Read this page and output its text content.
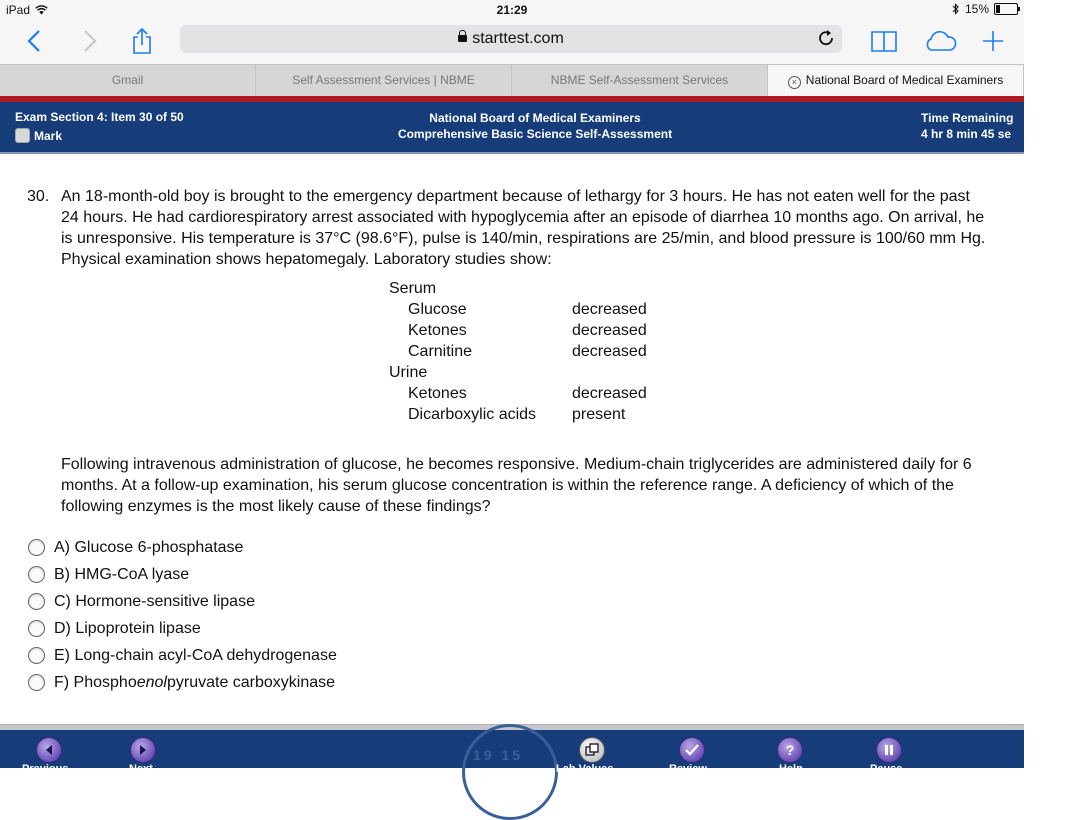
iPad	21:29	15%
starttest.com
Gmail	Self Assessment Services | NBME	NBME Self-Assessment Services	× National Board of Medical Examiners
Exam Section 4: Item 30 of 50
Mark
National Board of Medical Examiners
Comprehensive Basic Science Self-Assessment
Time Remaining
4 hr 8 min 45 se
30. An 18-month-old boy is brought to the emergency department because of lethargy for 3 hours. He has not eaten well for the past 24 hours. He had cardiorespiratory arrest associated with hypoglycemia after an episode of diarrhea 10 months ago. On arrival, he is unresponsive. His temperature is 37°C (98.6°F), pulse is 140/min, respirations are 25/min, and blood pressure is 100/60 mm Hg. Physical examination shows hepatomegaly. Laboratory studies show:
Serum
Glucose	decreased
Ketones	decreased
Carnitine	decreased
Urine
Ketones	decreased
Dicarboxylic acids	present
Following intravenous administration of glucose, he becomes responsive. Medium-chain triglycerides are administered daily for 6 months. At a follow-up examination, his serum glucose concentration is within the reference range. A deficiency of which of the following enzymes is the most likely cause of these findings?
A) Glucose 6-phosphatase
B) HMG-CoA lyase
C) Hormone-sensitive lipase
D) Lipoprotein lipase
E) Long-chain acyl-CoA dehydrogenase
F) Phosphoenolpyruvate carboxykinase
19 15
Previous	Next	Lab Values	Review
?
Help	Pause
